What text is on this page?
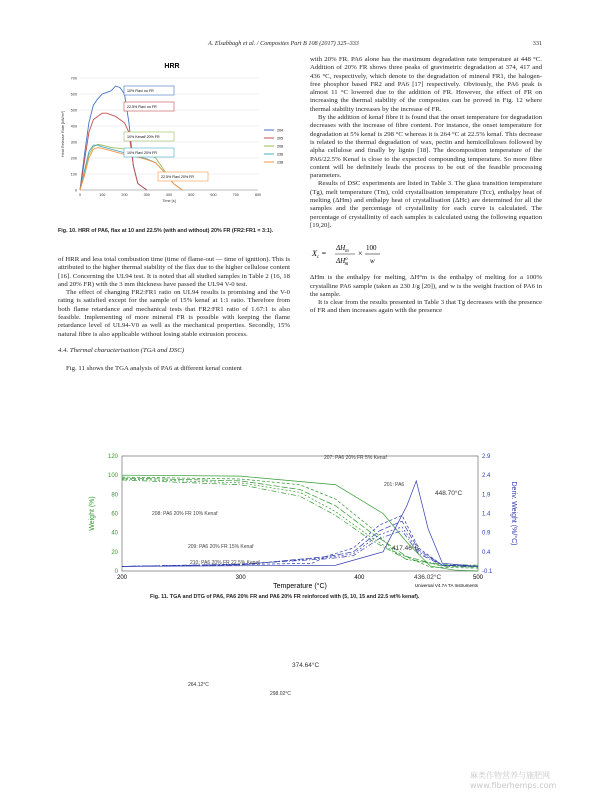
A. Elsabbagh et al. / Composites Part B 108 (2017) 325–333	331
HRR
700
600
500
400
300
200
100
0
0	100	200	300	400	500	600	700	800
Time [s]
Heat Release Rate [kW/m²]
10% Flax/ no FR
22.5% Flax/ no FR
10% Kenaf/ 20% FR
10% Flax/ 20% FR
22.5% Flax/ 20% FR
204
205
208
236
238
Fig. 10. HRR of PA6, flax at 10 and 22.5% (with and without) 20% FR (FR2:FR1 = 3:1).

of HRR and less total combustion time (time of flame-out — time of ignition). This is attributed to the higher thermal stability of the flax due to the higher cellulose content [16]. Concerning the UL94 test. It is noted that all studied samples in Table 2 (16, 18 and 20% FR) with the 3 mm thickness have passed the UL94 V-0 test.

The effect of changing FR2:FR1 ratio on UL94 results is promising and the V-0 rating is satisfied except for the sample of 15% kenaf at 1:1 ratio. Therefore from both flame retardance and mechanical tests that FR2:FR1 ratio of 1.67:1 is also feasible. Implementing of more mineral FR is possible with keeping the flame retardance level of UL94-V0 as well as the mechanical properties. Secondly, 15% natural fibre is also applicable without losing stable extrusion process.

4.4. Thermal characterisation (TGA and DSC)

Fig. 11 shows the TGA analysis of PA6 at different kenaf content

with 20% FR. PA6 alone has the maximum degradation rate temperature at 448 °C. Addition of 20% FR shows three peaks of gravimetric degradation at 374, 417 and 436 °C, respectively, which denote to the degradation of mineral FR1, the halogen-free phosphor based FR2 and PA6 [17] respectively. Obviously, the PA6 peak is almost 11 °C lowered due to the addition of FR. However, the effect of FR on increasing the thermal stability of the composites can be proved in Fig. 12 where thermal stability increases by the increase of FR.

By the addition of kenaf fibre it is found that the onset temperature for degradation decreases with the increase of fibre content. For instance, the onset temperature for degradation at 5% kenaf is 298 °C whereas it is 264 °C at 22.5% kenaf. This decrease is related to the thermal degradation of wax, pectin and hemicelluloses followed by alpha cellulose and finally by lignin [18]. The decomposition temperature of the PA6/22.5% Kenaf is close to the expected compounding temperature. So more fibre content will be definitely leads the process to be out of the feasible processing parameters.

Results of DSC experiments are listed in Table 3. The glass transition temperature (Tg), melt temperature (Tm), cold crystallisation temperature (Tcc), enthalpy heat of melting (ΔHm) and enthalpy heat of crystallisation (ΔHc) are determined for all the samples and the percentage of crystallinity for each curve is calculated. The percentage of crystallinity of each samples is calculated using the following equation [19,20].

$X_c$ =
$\Delta H_m$
$\Delta H^o$ m
×
100
w

ΔHm is the enthalpy for melting, ΔH°m is the enthalpy of melting for a 100% crystalline PA6 sample (taken as 230 J/g [20]), and w is the weight fraction of PA6 in the sample.

It is clear from the results presented in Table 3 that Tg decreases with the presence of FR and then increases again with the presence

120
100
80
60
40
20
0
2.9
2.4
1.9
1.4
0.9
0.4
-0.1
200	300	400	500
Temperature (°C)
Weight (%)	Deriv. Weight (%/°C)
Universal V4.7A TA Instruments
207: PA6 20% FR 5% Kenaf
201: PA6
208: PA6 20% FR 10% Kenaf
209: PA6 20% FR 15% Kenaf
210: PA6 20% FR 22.5% Kenaf
448.70°C
417.46°C
436.02°C
374.64°C
264.12°C
298.02°C
Fig. 11. TGA and DTG of PA6, PA6 20% FR and PA6 20% FR reinforced with (5, 10, 15 and 22.5 wt% kenaf).
麻类作物营养与施肥网 www.fiberhemps.com
